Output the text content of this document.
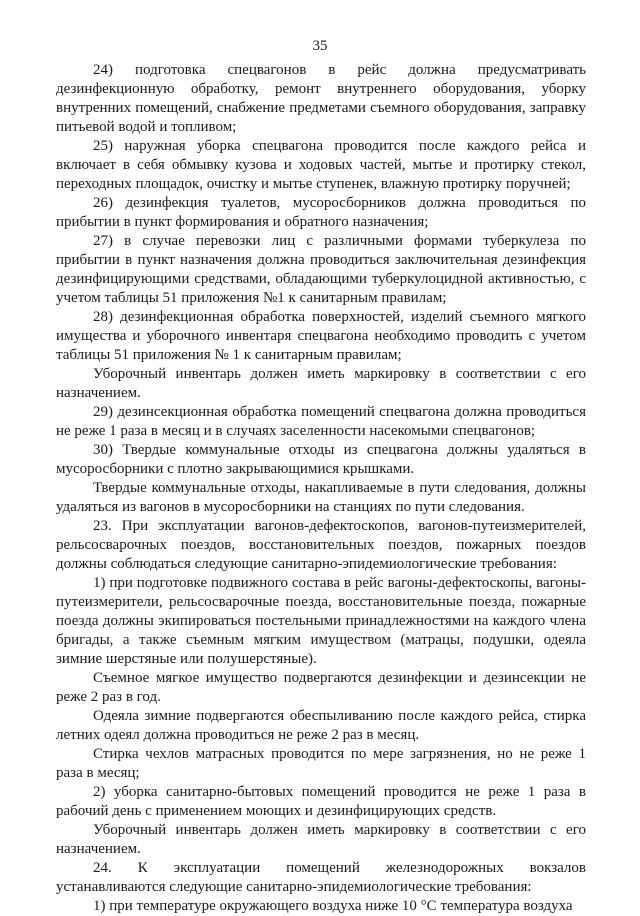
35

24) подготовка спецвагонов в рейс должна предусматривать дезинфекционную обработку, ремонт внутреннего оборудования, уборку внутренних помещений, снабжение предметами съемного оборудования, заправку питьевой водой и топливом;

25) наружная уборка спецвагона проводится после каждого рейса и включает в себя обмывку кузова и ходовых частей, мытье и протирку стекол, переходных площадок, очистку и мытье ступенек, влажную протирку поручней;

26) дезинфекция туалетов, мусоросборников должна проводиться по прибытии в пункт формирования и обратного назначения;

27) в случае перевозки лиц с различными формами туберкулеза по прибытии в пункт назначения должна проводиться заключительная дезинфекция дезинфицирующими средствами, обладающими туберкулоцидной активностью, с учетом таблицы 51 приложения №1 к санитарным правилам;

28) дезинфекционная обработка поверхностей, изделий съемного мягкого имущества и уборочного инвентаря спецвагона необходимо проводить с учетом таблицы 51 приложения № 1 к санитарным правилам;

Уборочный инвентарь должен иметь маркировку в соответствии с его назначением.

29) дезинсекционная обработка помещений спецвагона должна проводиться не реже 1 раза в месяц и в случаях заселенности насекомыми спецвагонов;

30) Твердые коммунальные отходы из спецвагона должны удаляться в мусоросборники с плотно закрывающимися крышками.

Твердые коммунальные отходы, накапливаемые в пути следования, должны удаляться из вагонов в мусоросборники на станциях по пути следования.

23. При эксплуатации вагонов-дефектоскопов, вагонов-путеизмерителей, рельсосварочных поездов, восстановительных поездов, пожарных поездов должны соблюдаться следующие санитарно-эпидемиологические требования:

1) при подготовке подвижного состава в рейс вагоны-дефектоскопы, вагоны-путеизмерители, рельсосварочные поезда, восстановительные поезда, пожарные поезда должны экипироваться постельными принадлежностями на каждого члена бригады, а также съемным мягким имуществом (матрацы, подушки, одеяла зимние шерстяные или полушерстяные).

Съемное мягкое имущество подвергаются дезинфекции и дезинсекции не реже 2 раз в год.

Одеяла зимние подвергаются обеспыливанию после каждого рейса, стирка летних одеял должна проводиться не реже 2 раз в месяц.

Стирка чехлов матрасных проводится по мере загрязнения, но не реже 1 раза в месяц;

2) уборка санитарно-бытовых помещений проводится не реже 1 раза в рабочий день с применением моющих и дезинфицирующих средств.

Уборочный инвентарь должен иметь маркировку в соответствии с его назначением.

24. К эксплуатации помещений железнодорожных вокзалов устанавливаются следующие санитарно-эпидемиологические требования:

1) при температуре окружающего воздуха ниже 10 °С температура воздуха
